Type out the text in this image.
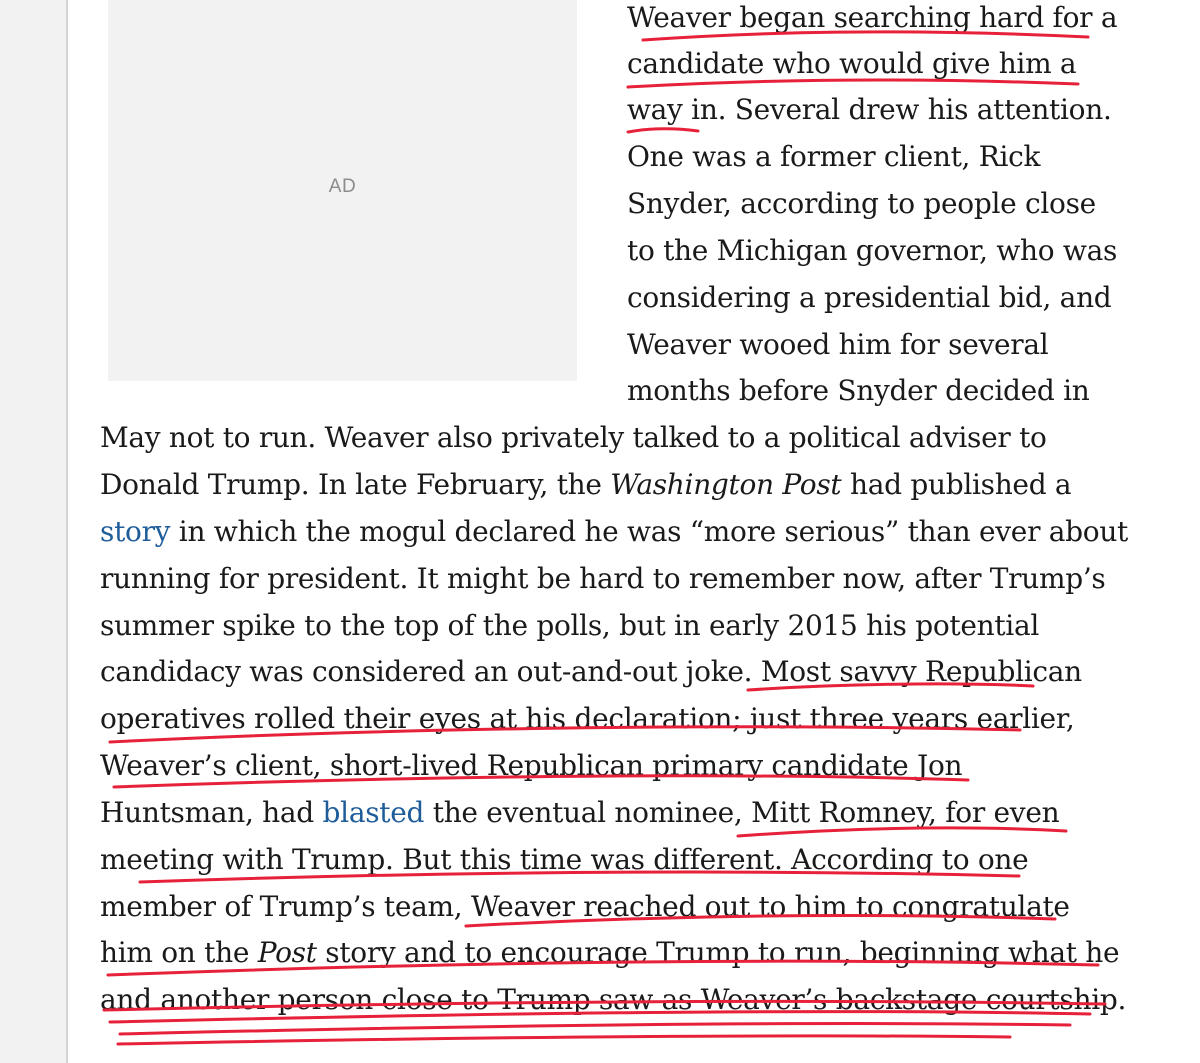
AD
Weaver began searching hard for a
candidate who would give him a
way in. Several drew his attention.
One was a former client, Rick
Snyder, according to people close
to the Michigan governor, who was
considering a presidential bid, and
Weaver wooed him for several
months before Snyder decided in
May not to run. Weaver also privately talked to a political adviser to
Donald Trump. In late February, the Washington Post had published a
story in which the mogul declared he was “more serious” than ever about
running for president. It might be hard to remember now, after Trump’s
summer spike to the top of the polls, but in early 2015 his potential
candidacy was considered an out-and-out joke. Most savvy Republican
operatives rolled their eyes at his declaration; just three years earlier,
Weaver’s client, short-lived Republican primary candidate Jon
Huntsman, had blasted the eventual nominee, Mitt Romney, for even
meeting with Trump. But this time was different. According to one
member of Trump’s team, Weaver reached out to him to congratulate
him on the Post story and to encourage Trump to run, beginning what he
and another person close to Trump saw as Weaver’s backstage courtship.
